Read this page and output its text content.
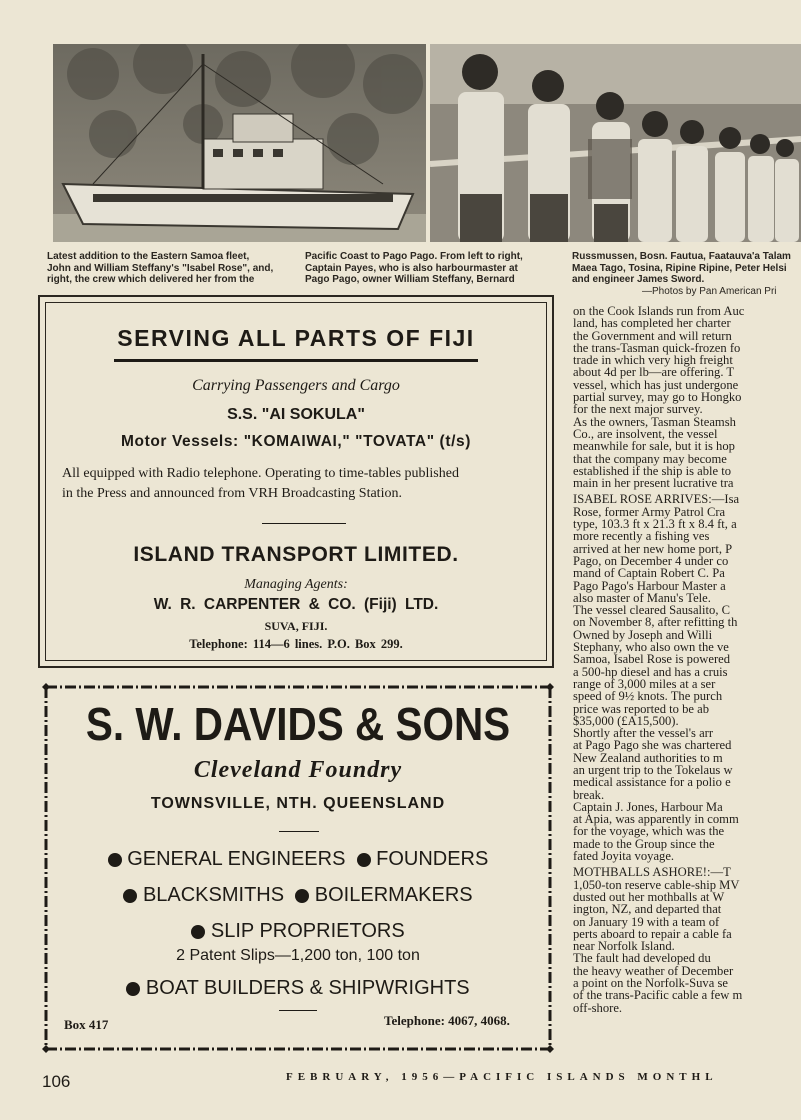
Latest addition to the Eastern Samoa fleet,
John and William Steffany's "Isabel Rose", and,
right, the crew which delivered her from the
Pacific Coast to Pago Pago. From left to right,
Captain Payes, who is also harbourmaster at
Pago Pago, owner William Steffany, Bernard
Russmussen, Bosn. Fautua, Faatauva'a Talam
Maea Tago, Tosina, Ripine Ripine, Peter Helsi
and engineer James Sword.
—Photos by Pan American Pri
SERVING ALL PARTS OF FIJI
Carrying Passengers and Cargo
S.S. "AI SOKULA"
Motor Vessels: "KOMAIWAI," "TOVATA" (t/s)
All equipped with Radio telephone. Operating to time-tables published
in the Press and announced from VRH Broadcasting Station.
ISLAND TRANSPORT LIMITED.
Managing Agents:
W. R. CARPENTER & CO. (Fiji) LTD.
SUVA, FIJI.
Telephone: 114—6 lines. P.O. Box 299.
S. W. DAVIDS & SONS
Cleveland Foundry
TOWNSVILLE, NTH. QUEENSLAND
GENERAL ENGINEERS FOUNDERS
BLACKSMITHS BOILERMAKERS
SLIP PROPRIETORS
2 Patent Slips—1,200 ton, 100 ton
BOAT BUILDERS & SHIPWRIGHTS
Box 417	Telephone: 4067, 4068.

on the Cook Islands run from Auc

land, has completed her charter

the Government and will return

the trans-Tasman quick-frozen fo

trade in which very high freight

about 4d per lb—are offering. T

vessel, which has just undergone

partial survey, may go to Hongko

for the next major survey.

As the owners, Tasman Steamsh

Co., are insolvent, the vessel

meanwhile for sale, but it is hop

that the company may become

established if the ship is able to

main in her present lucrative tra

ISABEL ROSE ARRIVES:—Isa

Rose, former Army Patrol Cra

type, 103.3 ft x 21.3 ft x 8.4 ft, a

more recently a fishing ves

arrived at her new home port, P

Pago, on December 4 under co

mand of Captain Robert C. Pa

Pago Pago's Harbour Master a

also master of Manu's Tele.

The vessel cleared Sausalito, C

on November 8, after refitting th

Owned by Joseph and Willi

Stephany, who also own the ve

Samoa, Isabel Rose is powered

a 500-hp diesel and has a cruis

range of 3,000 miles at a ser

speed of 9½ knots. The purch

price was reported to be ab

$35,000 (£A15,500).

Shortly after the vessel's arr

at Pago Pago she was chartered

New Zealand authorities to m

an urgent trip to the Tokelaus w

medical assistance for a polio e

break.

Captain J. Jones, Harbour Ma

at Apia, was apparently in comm

for the voyage, which was the

made to the Group since the

fated Joyita voyage.

MOTHBALLS ASHORE!:—T

1,050-ton reserve cable-ship MV

dusted out her mothballs at W

ington, NZ, and departed that

on January 19 with a team of

perts aboard to repair a cable fa

near Norfolk Island.

The fault had developed du

the heavy weather of December

a point on the Norfolk-Suva se

of the trans-Pacific cable a few m

off-shore.

106	FEBRUARY, 1956—PACIFIC ISLANDS MONTHL
